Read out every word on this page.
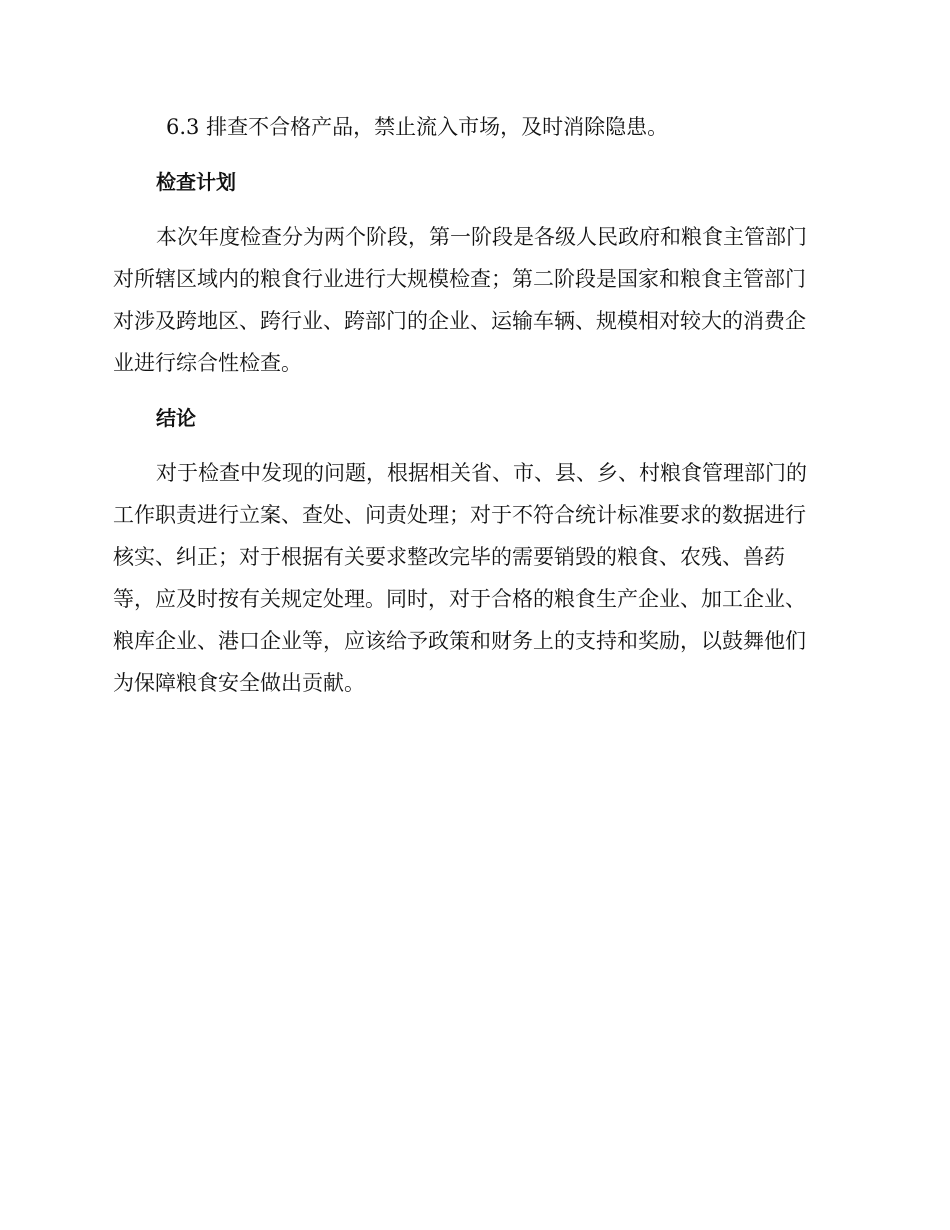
6.3 排查不合格产品，禁止流入市场，及时消除隐患。
检查计划
本次年度检查分为两个阶段，第一阶段是各级人民政府和粮食主管部门
对所辖区域内的粮食行业进行大规模检查；第二阶段是国家和粮食主管部门
对涉及跨地区、跨行业、跨部门的企业、运输车辆、规模相对较大的消费企
业进行综合性检查。
结论
对于检查中发现的问题，根据相关省、市、县、乡、村粮食管理部门的
工作职责进行立案、查处、问责处理；对于不符合统计标准要求的数据进行
核实、纠正；对于根据有关要求整改完毕的需要销毁的粮食、农残、兽药
等，应及时按有关规定处理。同时，对于合格的粮食生产企业、加工企业、
粮库企业、港口企业等，应该给予政策和财务上的支持和奖励，以鼓舞他们
为保障粮食安全做出贡献。
